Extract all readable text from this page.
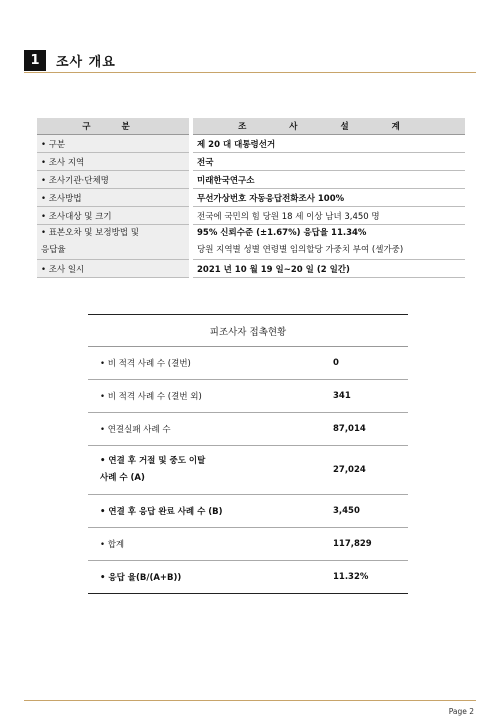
1	조사 개요
구 분	조 사 설 계
• 구분	제 20 대 대통령선거
• 조사 지역	전국
• 조사기관·단체명	미래한국연구소
• 조사방법	무선가상번호 자동응답전화조사 100%
• 조사대상 및 크기	전국에 국민의 힘 당원 18 세 이상 남녀 3,450 명

• 표본오차 및 보정방법 및
응답율	95% 신뢰수준 (±1.67%) 응답율 11.34%
당원 지역별 성별 연령별 임의할당 가중치 부여 (셀가중)

• 조사 일시	2021 년 10 월 19 일~20 일 (2 일간)
피조사자 접촉현황	
• 비 적격 사례 수 (결번)	0
• 비 적격 사례 수 (결번 외)	341
• 연결실패 사례 수	87,014

• 연결 후 거절 및 중도 이탈
사례 수 (A)	27,024
• 연결 후 응답 완료 사례 수 (B)	3,450
• 합계	117,829
• 응답 율(B/(A+B))	11.32%
Page 2
